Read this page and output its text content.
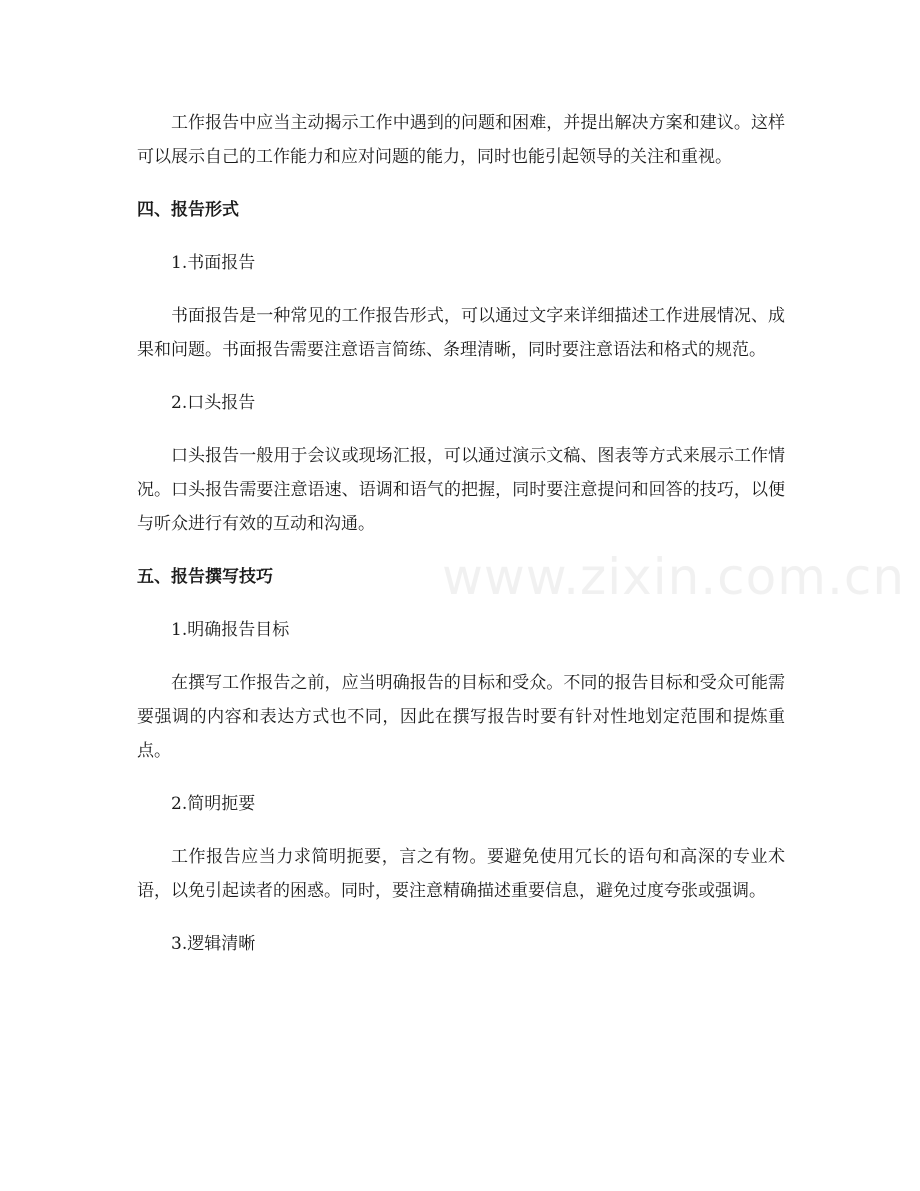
工作报告中应当主动揭示工作中遇到的问题和困难，并提出解决方案和建议。这样可以展示自己的工作能力和应对问题的能力，同时也能引起领导的关注和重视。

四、报告形式

1.书面报告

书面报告是一种常见的工作报告形式，可以通过文字来详细描述工作进展情况、成果和问题。书面报告需要注意语言简练、条理清晰，同时要注意语法和格式的规范。

2.口头报告

口头报告一般用于会议或现场汇报，可以通过演示文稿、图表等方式来展示工作情况。口头报告需要注意语速、语调和语气的把握，同时要注意提问和回答的技巧，以便与听众进行有效的互动和沟通。

五、报告撰写技巧

1.明确报告目标

在撰写工作报告之前，应当明确报告的目标和受众。不同的报告目标和受众可能需要强调的内容和表达方式也不同，因此在撰写报告时要有针对性地划定范围和提炼重点。

2.简明扼要

工作报告应当力求简明扼要，言之有物。要避免使用冗长的语句和高深的专业术语，以免引起读者的困惑。同时，要注意精确描述重要信息，避免过度夸张或强调。

3.逻辑清晰

www.zixin.com.cn
